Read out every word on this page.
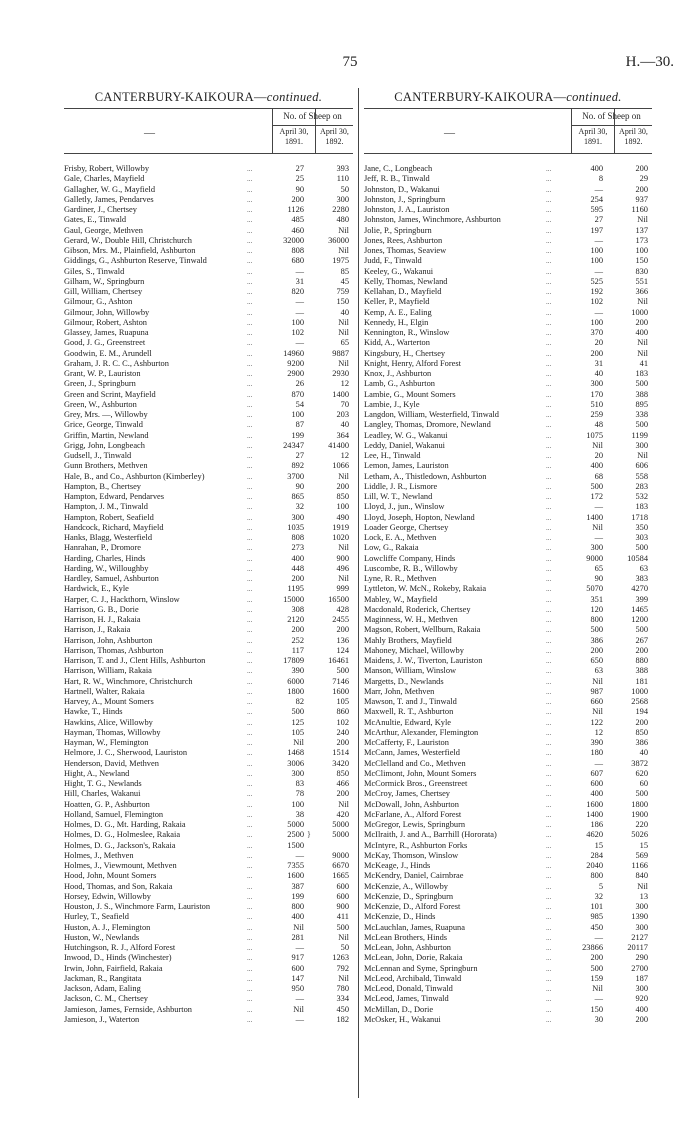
75	H.—30.
CANTERBURY-KAIKOURA—continued.
—
No. of Sheep on
April 30, 1891.
April 30, 1892.
Frisby, Robert, Willowby	...	27	393
Gale, Charles, Mayfield	...	25	110
Gallagher, W. G., Mayfield	...	90	50
Galletly, James, Pendarves	...	200	300
Gardiner, J., Chertsey	...	1126	2280
Gates, E., Tinwald	...	485	480
Gaul, George, Methven	...	460	Nil
Gerard, W., Double Hill, Christchurch	...	32000	36000
Gibson, Mrs. M., Plainfield, Ashburton	...	808	Nil
Giddings, G., Ashburton Reserve, Tinwald	...	680	1975
Giles, S., Tinwald	...	—	85
Gilham, W., Springburn	...	31	45
Gill, William, Chertsey	...	820	759
Gilmour, G., Ashton	...	—	150
Gilmour, John, Willowby	...	—	40
Gilmour, Robert, Ashton	...	100	Nil
Glassey, James, Ruapuna	...	102	Nil
Good, J. G., Greenstreet	...	—	65
Goodwin, E. M., Arundell	...	14960	9887
Graham, J. R. C. C., Ashburton	...	9200	Nil
Grant, W. P., Lauriston	...	2900	2930
Green, J., Springburn	...	26	12
Green and Scrint, Mayfield	...	870	1400
Green, W., Ashburton	...	54	70
Grey, Mrs. —, Willowby	...	100	203
Grice, George, Tinwald	...	87	40
Griffin, Martin, Newland	...	199	364
Grigg, John, Longbeach	...	24347	41400
Gudsell, J., Tinwald	...	27	12
Gunn Brothers, Methven	...	892	1066
Hale, B., and Co., Ashburton (Kimberley)	...	3700	Nil
Hampton, B., Chertsey	...	90	200
Hampton, Edward, Pendarves	...	865	850
Hampton, J. M., Tinwald	...	32	100
Hampton, Robert, Seafield	...	300	490
Handcock, Richard, Mayfield	...	1035	1919
Hanks, Blagg, Westerfield	...	808	1020
Hanrahan, P., Dromore	...	273	Nil
Harding, Charles, Hinds	...	400	900
Harding, W., Willoughby	...	448	496
Hardley, Samuel, Ashburton	...	200	Nil
Hardwick, E., Kyle	...	1195	999
Harper, C. J., Hackthorn, Winslow	...	15000	16500
Harrison, G. B., Dorie	...	308	428
Harrison, H. J., Rakaia	...	2120	2455
Harrison, J., Rakaia	...	200	200
Harrison, John, Ashburton	...	252	136
Harrison, Thomas, Ashburton	...	117	124
Harrison, T. and J., Clent Hills, Ashburton	...	17809	16461
Harrison, William, Rakaia	...	390	500
Hart, R. W., Winchmore, Christchurch	...	6000	7146
Hartnell, Walter, Rakaia	...	1800	1600
Harvey, A., Mount Somers	...	82	105
Hawke, T., Hinds	...	500	860
Hawkins, Alice, Willowby	...	125	102
Hayman, Thomas, Willowby	...	105	240
Hayman, W., Flemington	...	Nil	200
Helmore, J. C., Sherwood, Lauriston	...	1468	1514
Henderson, David, Methven	...	3006	3420
Hight, A., Newland	...	300	850
Hight, T. G., Newlands	...	83	466
Hill, Charles, Wakanui	...	78	200
Hoatten, G. P., Ashburton	...	100	Nil
Holland, Samuel, Flemington	...	38	420
Holmes, D. G., Mt. Harding, Rakaia	...	5000	5000
Holmes, D. G., Holmeslee, Rakaia	...	2500 }	5000
Holmes, D. G., Jackson's, Rakaia	...	1500
Holmes, J., Methven	...	—	9000
Holmes, J., Viewmount, Methven	...	7355	6670
Hood, John, Mount Somers	...	1600	1665
Hood, Thomas, and Son, Rakaia	...	387	600
Horsey, Edwin, Willowby	...	199	600
Houston, J. S., Winchmore Farm, Lauriston	...	800	900
Hurley, T., Seafield	...	400	411
Huston, A. J., Flemington	...	Nil	500
Huston, W., Newlands	...	281	Nil
Hutchingson, R. J., Alford Forest	...	—	50
Inwood, D., Hinds (Winchester)	...	917	1263
Irwin, John, Fairfield, Rakaia	...	600	792
Jackman, R., Rangitata	...	147	Nil
Jackson, Adam, Ealing	...	950	780
Jackson, C. M., Chertsey	...	—	334
Jamieson, James, Fernside, Ashburton	...	Nil	450
Jamieson, J., Waterton	...	—	182
CANTERBURY-KAIKOURA—continued.
—
No. of Sheep on
April 30, 1891.
April 30, 1892.
Jane, C., Longbeach	...	400	200
Jeff, R. B., Tinwald	...	8	29
Johnston, D., Wakanui	...	—	200
Johnston, J., Springburn	...	254	937
Johnston, J. A., Lauriston	...	595	1160
Johnston, James, Winchmore, Ashburton	...	27	Nil
Jolie, P., Springburn	...	197	137
Jones, Rees, Ashburton	...	—	173
Jones, Thomas, Seaview	...	100	100
Judd, F., Tinwald	...	100	150
Keeley, G., Wakanui	...	—	830
Kelly, Thomas, Newland	...	525	551
Kellahan, D., Mayfield	...	192	366
Keller, P., Mayfield	...	102	Nil
Kemp, A. E., Ealing	...	—	1000
Kennedy, H., Elgin	...	100	200
Kennington, R., Winslow	...	370	400
Kidd, A., Warterton	...	20	Nil
Kingsbury, H., Chertsey	...	200	Nil
Knight, Henry, Alford Forest	...	31	41
Knox, J., Ashburton	...	40	183
Lamb, G., Ashburton	...	300	500
Lambie, G., Mount Somers	...	170	388
Lambie, J., Kyle	...	510	895
Langdon, William, Westerfield, Tinwald	...	259	338
Langley, Thomas, Dromore, Newland	...	48	500
Leadley, W. G., Wakanui	...	1075	1199
Leddy, Daniel, Wakanui	...	Nil	300
Lee, H., Tinwald	...	20	Nil
Lemon, James, Lauriston	...	400	606
Letham, A., Thistledown, Ashburton	...	68	558
Liddle, J. R., Lismore	...	500	283
Lill, W. T., Newland	...	172	532
Lloyd, J., jun., Winslow	...	—	183
Lloyd, Joseph, Hopton, Newland	...	1400	1718
Loader George, Chertsey	...	Nil	350
Lock, E. A., Methven	...	—	303
Low, G., Rakaia	...	300	500
Lowcliffe Company, Hinds	...	9000	10584
Luscombe, R. B., Willowby	...	65	63
Lyne, R. R., Methven	...	90	383
Lyttleton, W. McN., Rokeby, Rakaia	...	5070	4270
Mabley, W., Mayfield	...	351	399
Macdonald, Roderick, Chertsey	...	120	1465
Maginness, W. H., Methven	...	800	1200
Magson, Robert, Wellburn, Rakaia	...	500	500
Mahly Brothers, Mayfield	...	386	267
Mahoney, Michael, Willowby	...	200	200
Maidens, J. W., Tiverton, Lauriston	...	650	880
Manson, William, Winslow	...	63	388
Margetts, D., Newlands	...	Nil	181
Marr, John, Methven	...	987	1000
Mawson, T. and J., Tinwald	...	660	2568
Maxwell, R. T., Ashburton	...	Nil	194
McAnultie, Edward, Kyle	...	122	200
McArthur, Alexander, Flemington	...	12	850
McCafferty, F., Lauriston	...	390	386
McCann, James, Westerfield	...	180	40
McClelland and Co., Methven	...	—	3872
McClimont, John, Mount Somers	...	607	620
McCormick Bros., Greenstreet	...	600	60
McCroy, James, Chertsey	...	400	500
McDowall, John, Ashburton	...	1600	1800
McFarlane, A., Alford Forest	...	1400	1900
McGregor, Lewis, Springburn	...	186	220
McIlraith, J. and A., Barrhill (Hororata)	...	4620	5026
McIntyre, R., Ashburton Forks	...	15	15
McKay, Thomson, Winslow	...	284	569
McKeage, J., Hinds	...	2040	1166
McKendry, Daniel, Cairnbrae	...	800	840
McKenzie, A., Willowby	...	5	Nil
McKenzie, D., Springburn	...	32	13
McKenzie, D., Alford Forest	...	101	300
McKenzie, D., Hinds	...	985	1390
McLauchlan, James, Ruapuna	...	450	300
McLean Brothers, Hinds	...	—	2127
McLean, John, Ashburton	...	23866	20117
McLean, John, Dorie, Rakaia	...	200	290
McLennan and Syme, Springburn	...	500	2700
McLeod, Archibald, Tinwald	...	159	187
McLeod, Donald, Tinwald	...	Nil	300
McLeod, James, Tinwald	...	—	920
McMillan, D., Dorie	...	150	400
McOsker, H., Wakanui	...	30	200
